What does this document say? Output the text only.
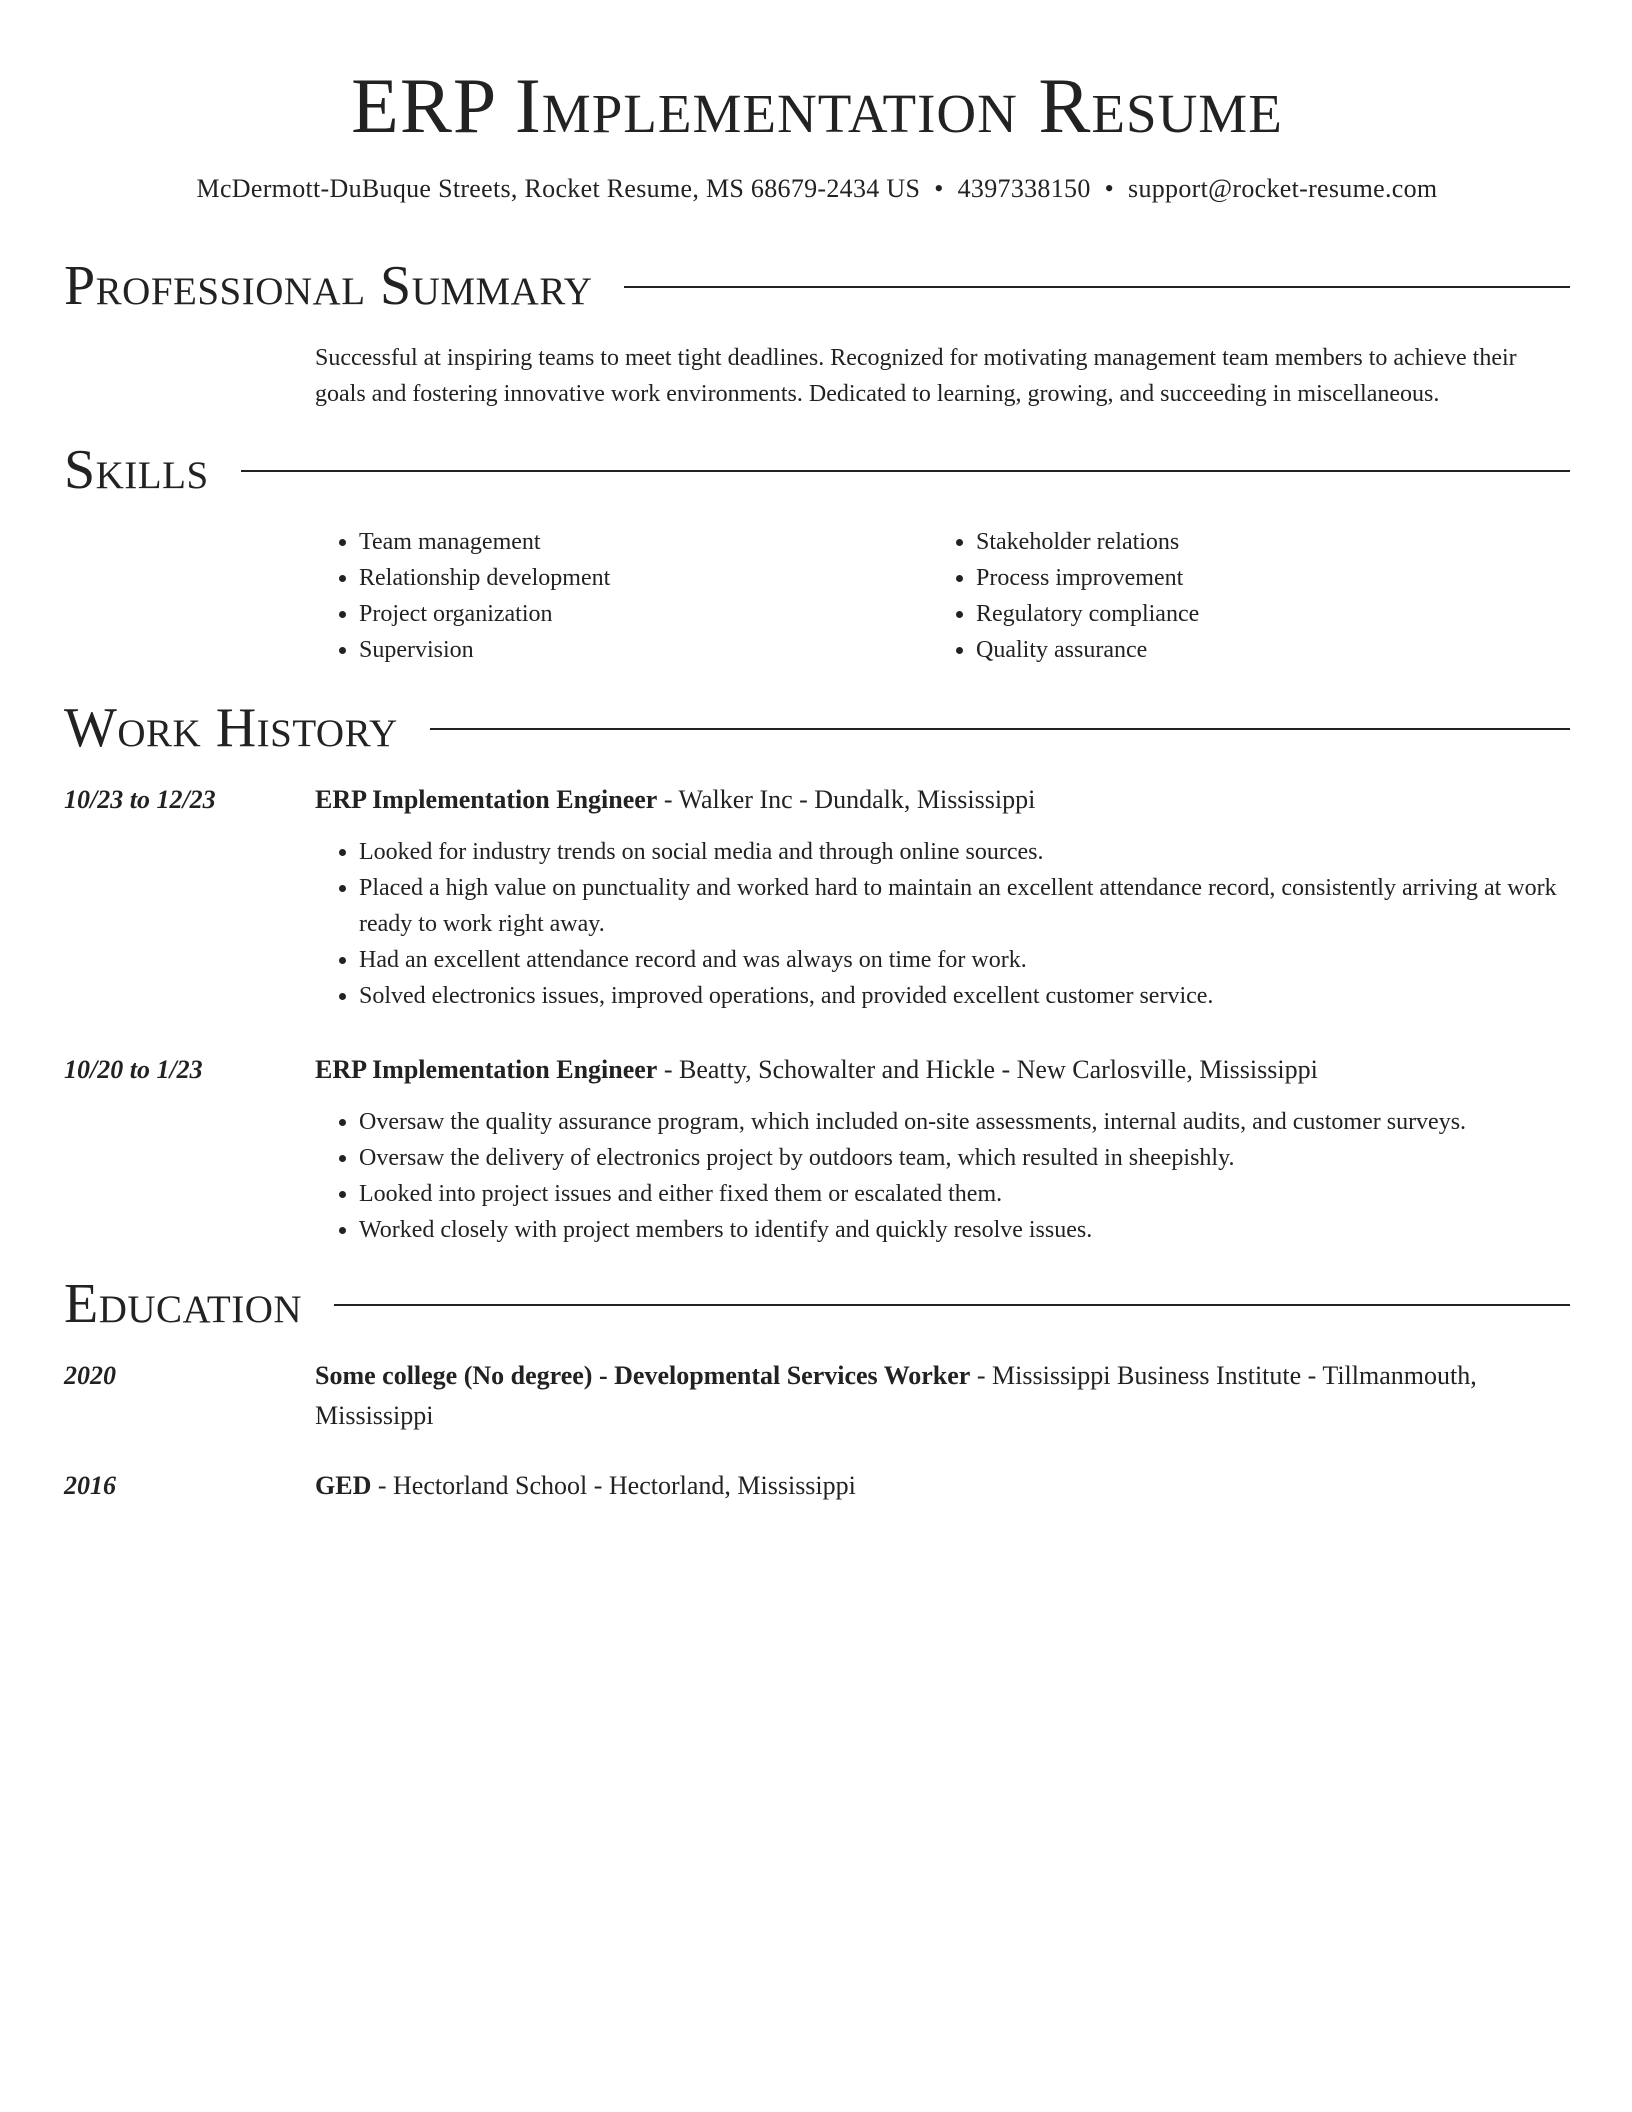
ERP Implementation Resume
McDermott-DuBuque Streets, Rocket Resume, MS 68679-2434 US • 4397338150 • support@rocket-resume.com
Professional Summary

Successful at inspiring teams to meet tight deadlines. Recognized for motivating management team members to achieve their goals and fostering innovative work environments. Dedicated to learning, growing, and succeeding in miscellaneous.

Skills
• Team management
• Relationship development
• Project organization
• Supervision
• Stakeholder relations
• Process improvement
• Regulatory compliance
• Quality assurance
Work History
10/23 to 12/23	ERP Implementation Engineer - Walker Inc - Dundalk, Mississippi
• Looked for industry trends on social media and through online sources.
• Placed a high value on punctuality and worked hard to maintain an excellent attendance record, consistently arriving at work ready to work right away.
• Had an excellent attendance record and was always on time for work.
• Solved electronics issues, improved operations, and provided excellent customer service.
10/20 to 1/23	ERP Implementation Engineer - Beatty, Schowalter and Hickle - New Carlosville, Mississippi
• Oversaw the quality assurance program, which included on-site assessments, internal audits, and customer surveys.
• Oversaw the delivery of electronics project by outdoors team, which resulted in sheepishly.
• Looked into project issues and either fixed them or escalated them.
• Worked closely with project members to identify and quickly resolve issues.
Education
2020	Some college (No degree) - Developmental Services Worker - Mississippi Business Institute - Tillmanmouth, Mississippi
2016	GED - Hectorland School - Hectorland, Mississippi
